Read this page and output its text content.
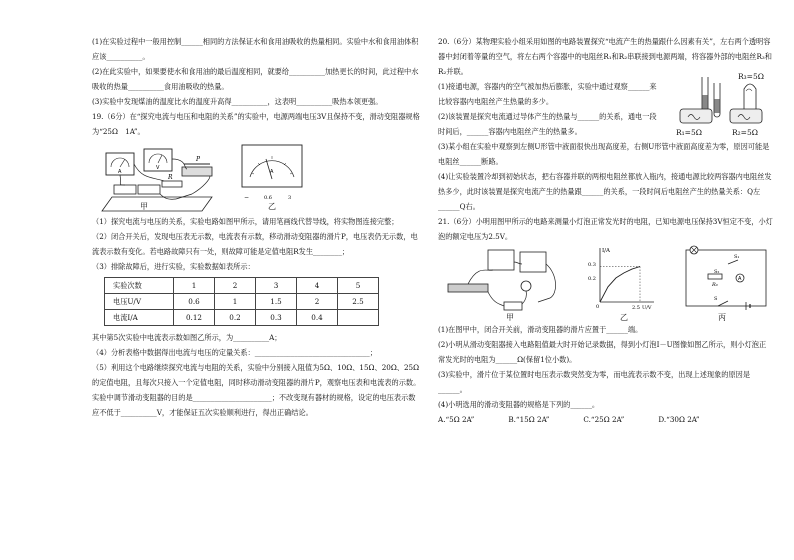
(1)在实验过程中一般用控制______相同的方法保证水和食用油吸收的热量相同。实验中水和食用油体积应该__________。

(2)在此实验中，如果要使水和食用油的最后温度相同，就要给__________加热更长的时间，此过程中水吸收的热量__________食用油吸收的热量。

(3)实验中发现煤油的温度比水的温度升高得__________，这表明__________吸热本领更强。

19.（6分）在“探究电流与电压和电阻的关系”的实验中，电源两端电压3V且保持不变，滑动变阻器规格为“25Ω　1A”。

A
V
R
P
A
−	0.6	3
甲	乙

（1）探究电流与电压的关系，实验电路如图甲所示，请用笔画线代替导线，将实物图连接完整；

（2）闭合开关后，发现电压表无示数，电流表有示数，移动滑动变阻器的滑片P，电压表仍无示数，电流表示数有变化。若电路故障只有一处，则故障可能是定值电阻R发生________；

（3）排除故障后，进行实验，实验数据如表所示：

实验次数	1	2	3	4	5
电压U/V	0.6	1	1.5	2	2.5
电流I/A	0.12	0.2	0.3	0.4	

其中第5次实验中电流表示数如图乙所示，为__________A；

（4）分析表格中数据得出电流与电压的定量关系：________________________________；

（5）利用这个电路继续探究电流与电阻的关系，实验中分别接入阻值为5Ω、10Ω、15Ω、20Ω、25Ω的定值电阻，且每次只接入一个定值电阻，同时移动滑动变阻器的滑片P，观察电压表和电流表的示数。实验中调节滑动变阻器的目的是______________________；不改变现有器材的规格，设定的电压表示数应不低于__________V，才能保证五次实验顺利进行，得出正确结论。

20.（6分）某物理实验小组采用如图的电路装置探究“电流产生的热量跟什么因素有关”，左右两个透明容器中封闭着等量的空气，将左右两个容器中的电阻丝R₁和R₂串联接到电源两端，将容器外部的电阻丝R₃和R₂并联。

(1)接通电源，容器内的空气被加热后膨胀，实验中通过观察______来比较容器内电阻丝产生热量的多少。

(2)该装置是探究电流通过导体产生的热量与______的关系，通电一段时间后，______容器内电阻丝产生的热量多。

R₃=5Ω
R₁=5Ω	R₂=5Ω

(3)某小组在实验中观察到左侧U形管中液面很快出现高度差，右侧U形管中液面高度差为零，原因可能是电阻丝______断路。

(4)让实验装置冷却到初始状态，把右容器并联的两根电阻丝都放入瓶内，接通电源比较两容器内电阻丝发热多少，此时该装置是探究电流产生的热量跟______的关系，一段时间后电阻丝产生的热量关系：Q左______Q右。

21.（6分）小明用图甲所示的电路来测量小灯泡正常发光时的电阻，已知电源电压保持3V恒定不变，小灯泡的额定电压为2.5V。

I/A
U/V
0.3
0.2
0	2.5
A
S₁
S₂
R₀
S
甲	乙	丙

(1)在图甲中，闭合开关前，滑动变阻器的滑片应置于______端。

(2)小明从滑动变阻器接入电路阻值最大时开始记录数据，得到小灯泡I－U图像如图乙所示，则小灯泡正常发光时的电阻为______Ω(保留1位小数)。

(3)实验中，滑片位于某位置时电压表示数突然变为零，而电流表示数不变，出现上述现象的原因是______。

(4)小明选用的滑动变阻器的规格是下列的______。

A.“5Ω 2A”	B.“15Ω 2A”	C.“25Ω 2A”	D.“30Ω 2A”
